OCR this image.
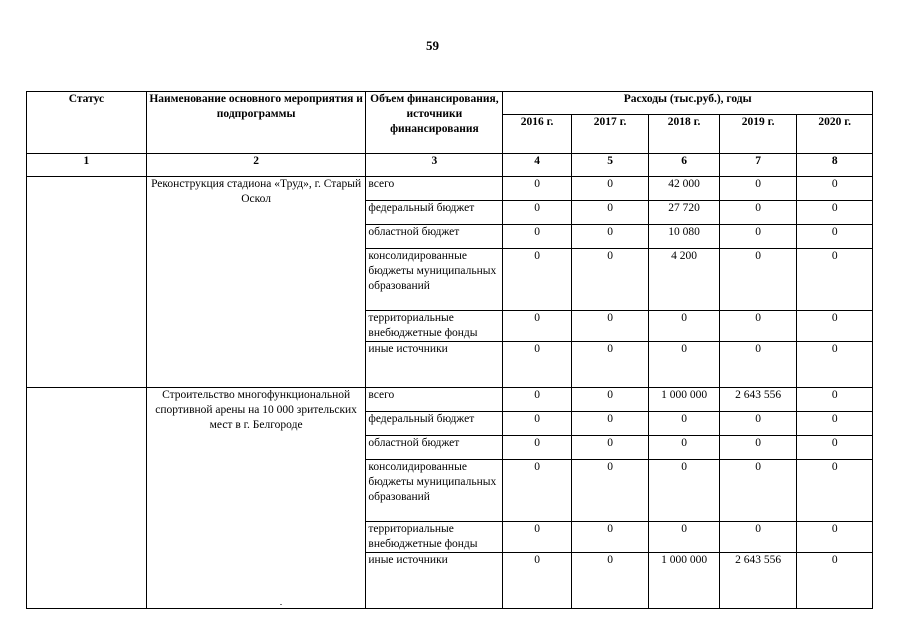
59
Статус	Наименование основного мероприятия и подпрограммы	Объем финансирования, источники финансирования	Расходы (тыс.руб.), годы				
			2016 г.	2017 г.	2018 г.	2019 г.	2020 г.
1	2	3	4	5	6	7	8
	Реконструкция стадиона «Труд», г. Старый Оскол	всего	0	0	42 000	0	0
		федеральный бюджет	0	0	27 720	0	0
		областной бюджет	0	0	10 080	0	0
		консолидированные бюджеты муниципальных образований	0	0	4 200	0	0
		территориальные внебюджетные фонды	0	0	0	0	0
		иные источники	0	0	0	0	0
	Строительство многофункциональной спортивной арены на 10 000 зрительских мест в г. Белгороде	всего	0	0	1 000 000	2 643 556	0
		федеральный бюджет	0	0	0	0	0
		областной бюджет	0	0	0	0	0
		консолидированные бюджеты муниципальных образований	0	0	0	0	0
		территориальные внебюджетные фонды	0	0	0	0	0
		иные источники	0	0	1 000 000	2 643 556	0
